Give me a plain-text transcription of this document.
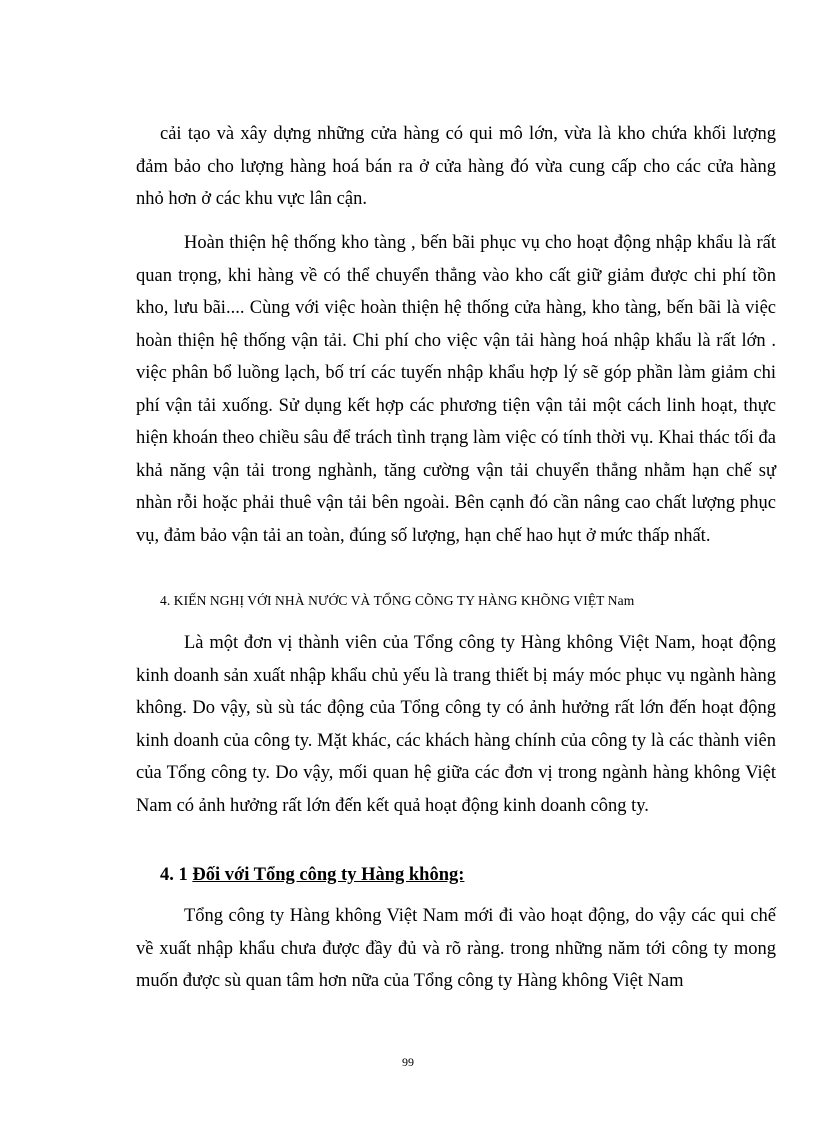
cải tạo và xây dựng những cửa hàng có qui mô lớn, vừa là kho chứa khối lượng đảm bảo cho lượng hàng hoá bán ra ở cửa hàng đó vừa cung cấp cho các cửa hàng nhỏ hơn ở các khu vực lân cận.

Hoàn thiện hệ thống kho tàng , bến bãi phục vụ cho hoạt động nhập khẩu là rất quan trọng, khi hàng về có thể chuyển thẳng vào kho cất giữ giảm được chi phí tồn kho, lưu bãi.... Cùng với việc hoàn thiện hệ thống cửa hàng, kho tàng, bến bãi là việc hoàn thiện hệ thống vận tải. Chi phí cho việc vận tải hàng hoá nhập khẩu là rất lớn . việc phân bổ luồng lạch, bố trí các tuyến nhập khẩu hợp lý sẽ góp phần làm giảm chi phí vận tải xuống. Sử dụng kết hợp các phương tiện vận tải một cách linh hoạt, thực hiện khoán theo chiều sâu để trách tình trạng làm việc có tính thời vụ. Khai thác tối đa khả năng vận tải trong nghành, tăng cường vận tải chuyển thẳng nhằm hạn chế sự nhàn rỗi hoặc phải thuê vận tải bên ngoài. Bên cạnh đó cần nâng cao chất lượng phục vụ, đảm bảo vận tải an toàn, đúng số lượng, hạn chế hao hụt ở mức thấp nhất.

4. KIẾN NGHỊ VỚI NHÀ NƯỚC VÀ TỔNG CÕNG TY HÀNG KHÕNG VIỆT Nam

Là một đơn vị thành viên của Tổng công ty Hàng không Việt Nam, hoạt động kinh doanh sản xuất nhập khẩu chủ yếu là trang thiết bị máy móc phục vụ ngành hàng không. Do vậy, sù sù tác động của Tổng công ty có ảnh hưởng rất lớn đến hoạt động kinh doanh của công ty. Mặt khác, các khách hàng chính của công ty là các thành viên của Tổng công ty. Do vậy, mối quan hệ giữa các đơn vị trong ngành hàng không Việt Nam có ảnh hưởng rất lớn đến kết quả hoạt động kinh doanh công ty.

4. 1 Đối với Tổng công ty Hàng không:

Tổng công ty Hàng không Việt Nam mới đi vào hoạt động, do vậy các qui chế về xuất nhập khẩu chưa được đầy đủ và rõ ràng. trong những năm tới công ty mong muốn được sù quan tâm hơn nữa của Tổng công ty Hàng không Việt Nam

99
